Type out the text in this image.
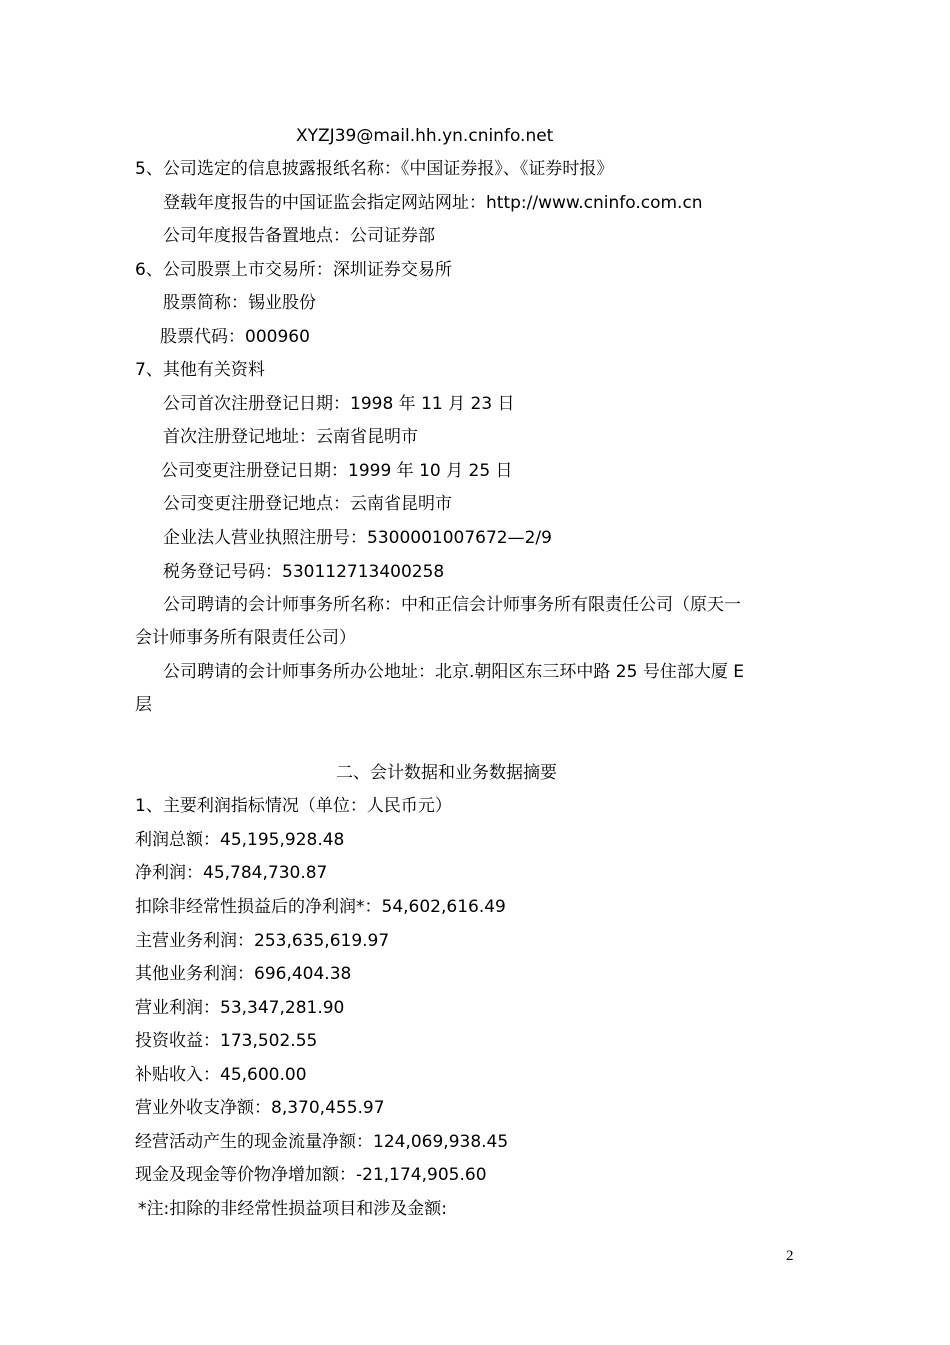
XYZJ39@mail.hh.yn.cninfo.net
5、公司选定的信息披露报纸名称：《中国证券报》、《证券时报》
登载年度报告的中国证监会指定网站网址：http://www.cninfo.com.cn
公司年度报告备置地点：公司证券部
6、公司股票上市交易所：深圳证券交易所
股票简称：锡业股份
股票代码：000960
7、其他有关资料
公司首次注册登记日期：1998 年 11 月 23 日
首次注册登记地址：云南省昆明市
公司变更注册登记日期：1999 年 10 月 25 日
公司变更注册登记地点：云南省昆明市
企业法人营业执照注册号：5300001007672—2/9
税务登记号码：530112713400258
公司聘请的会计师事务所名称：中和正信会计师事务所有限责任公司（原天一
会计师事务所有限责任公司）
公司聘请的会计师事务所办公地址：北京.朝阳区东三环中路 25 号住部大厦 E
层
二、会计数据和业务数据摘要
1、主要利润指标情况（单位：人民币元）
利润总额：45,195,928.48
净利润：45,784,730.87
扣除非经常性损益后的净利润*：54,602,616.49
主营业务利润：253,635,619.97
其他业务利润：696,404.38
营业利润：53,347,281.90
投资收益：173,502.55
补贴收入：45,600.00
营业外收支净额：8,370,455.97
经营活动产生的现金流量净额：124,069,938.45
现金及现金等价物净增加额：-21,174,905.60
*注:扣除的非经常性损益项目和涉及金额:
2
